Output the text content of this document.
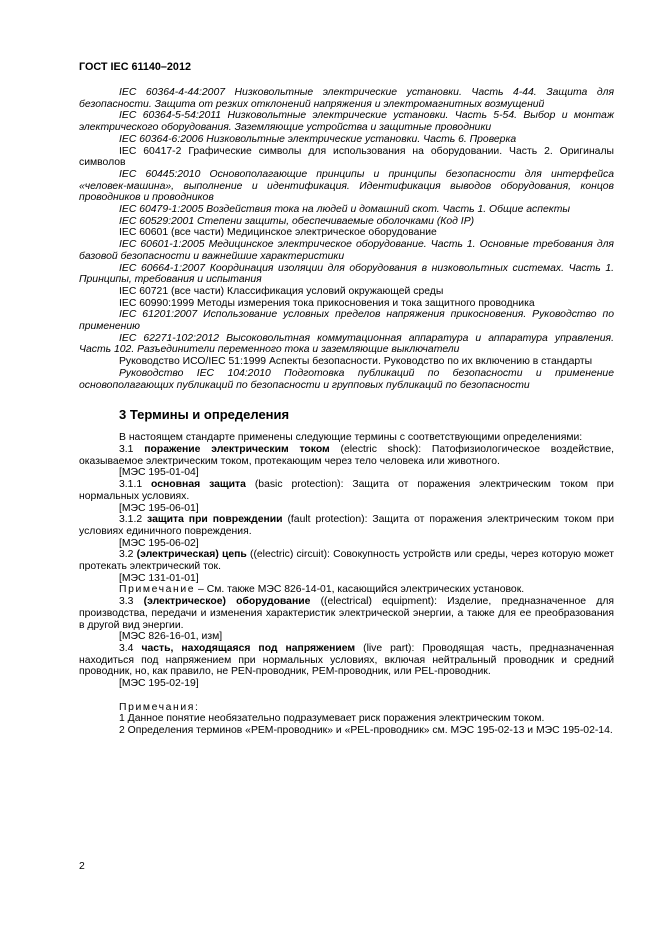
ГОСТ IEC 61140–2012

IEC 60364-4-44:2007 Низковольтные электрические установки. Часть 4-44. Защита для безопасности. Защита от резких отклонений напряжения и электромагнитных возмущений

IEC 60364-5-54:2011 Низковольтные электрические установки. Часть 5-54. Выбор и монтаж электрического оборудования. Заземляющие устройства и защитные проводники

IEC 60364-6:2006 Низковольтные электрические установки. Часть 6. Проверка

IEC 60417-2 Графические символы для использования на оборудовании. Часть 2. Оригиналы символов

IEC 60445:2010 Основополагающие принципы и принципы безопасности для интерфейса «человек-машина», выполнение и идентификация. Идентификация выводов оборудования, концов проводников и проводников

IEC 60479-1:2005 Воздействия тока на людей и домашний скот. Часть 1. Общие аспекты

IEC 60529:2001 Степени защиты, обеспечиваемые оболочками (Код IP)

IEC 60601 (все части) Медицинское электрическое оборудование

IEC 60601-1:2005 Медицинское электрическое оборудование. Часть 1. Основные требования для базовой безопасности и важнейшие характеристики

IEC 60664-1:2007 Координация изоляции для оборудования в низковольтных системах. Часть 1. Принципы, требования и испытания

IEC 60721 (все части) Классификация условий окружающей среды

IEC 60990:1999 Методы измерения тока прикосновения и тока защитного проводника

IEC 61201:2007 Использование условных пределов напряжения прикосновения. Руководство по применению

IEC 62271-102:2012 Высоковольтная коммутационная аппаратура и аппаратура управления. Часть 102. Разъединители переменного тока и заземляющие выключатели

Руководство ИСО/IEC 51:1999 Аспекты безопасности. Руководство по их включению в стандарты

Руководство IEC 104:2010 Подготовка публикаций по безопасности и применение основополагающих публикаций по безопасности и групповых публикаций по безопасности

3 Термины и определения

В настоящем стандарте применены следующие термины с соответствующими определениями:

3.1 поражение электрическим током (electric shock): Патофизиологическое воздействие, оказываемое электрическим током, протекающим через тело человека или животного.

[МЭС 195-01-04]

3.1.1 основная защита (basic protection): Защита от поражения электрическим током при нормальных условиях.

[МЭС 195-06-01]

3.1.2 защита при повреждении (fault protection): Защита от поражения электрическим током при условиях единичного повреждения.

[МЭС 195-06-02]

3.2 (электрическая) цепь ((electric) circuit): Совокупность устройств или среды, через которую может протекать электрический ток.

[МЭС 131-01-01]

Примечание – См. также МЭС 826-14-01, касающийся электрических установок.

3.3 (электрическое) оборудование ((electrical) equipment): Изделие, предназначенное для производства, передачи и изменения характеристик электрической энергии, а также для ее преобразования в другой вид энергии.

[МЭС 826-16-01, изм]

3.4 часть, находящаяся под напряжением (live part): Проводящая часть, предназначенная находиться под напряжением при нормальных условиях, включая нейтральный проводник и средний проводник, но, как правило, не PEN-проводник, PEM-проводник, или PEL-проводник.

[МЭС 195-02-19]

Примечания:

1 Данное понятие необязательно подразумевает риск поражения электрическим током.

2 Определения терминов «PEM-проводник» и «PEL-проводник» см. МЭС 195-02-13 и МЭС 195-02-14.

2
